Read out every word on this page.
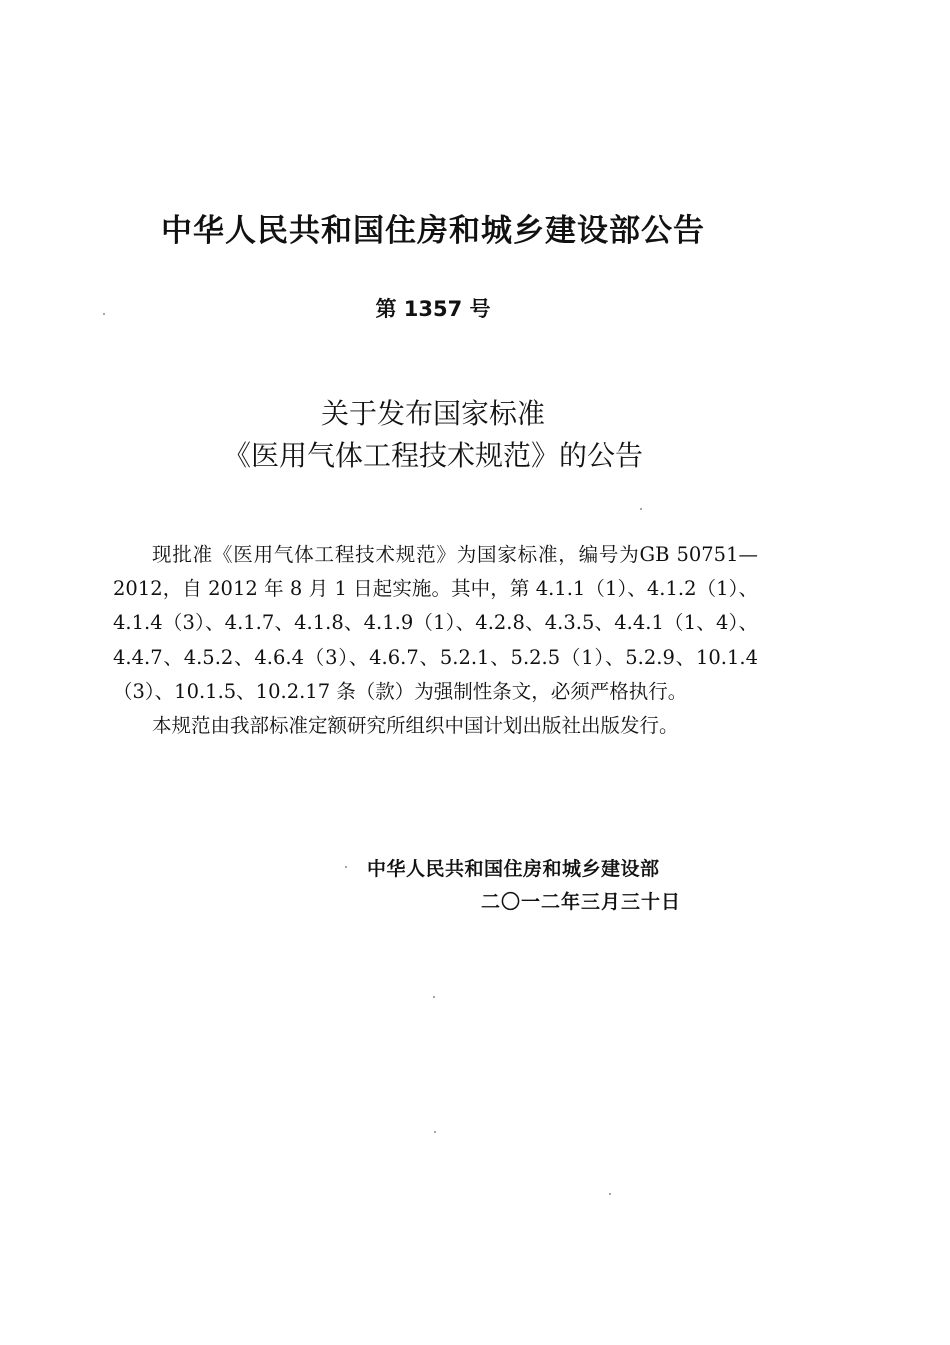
中华人民共和国住房和城乡建设部公告
第 1357 号
关于发布国家标准
《医用气体工程技术规范》的公告

现批准《医用气体工程技术规范》为国家标准，编号为GB 50751—2012，自 2012 年 8 月 1 日起实施。其中，第 4.1.1（1）、4.1.2（1）、4.1.4（3）、4.1.7、4.1.8、4.1.9（1）、4.2.8、4.3.5、4.4.1（1、4）、4.4.7、4.5.2、4.6.4（3）、4.6.7、5.2.1、5.2.5（1）、5.2.9、10.1.4（3）、10.1.5、10.2.17 条（款）为强制性条文，必须严格执行。

本规范由我部标准定额研究所组织中国计划出版社出版发行。

中华人民共和国住房和城乡建设部
二〇一二年三月三十日
